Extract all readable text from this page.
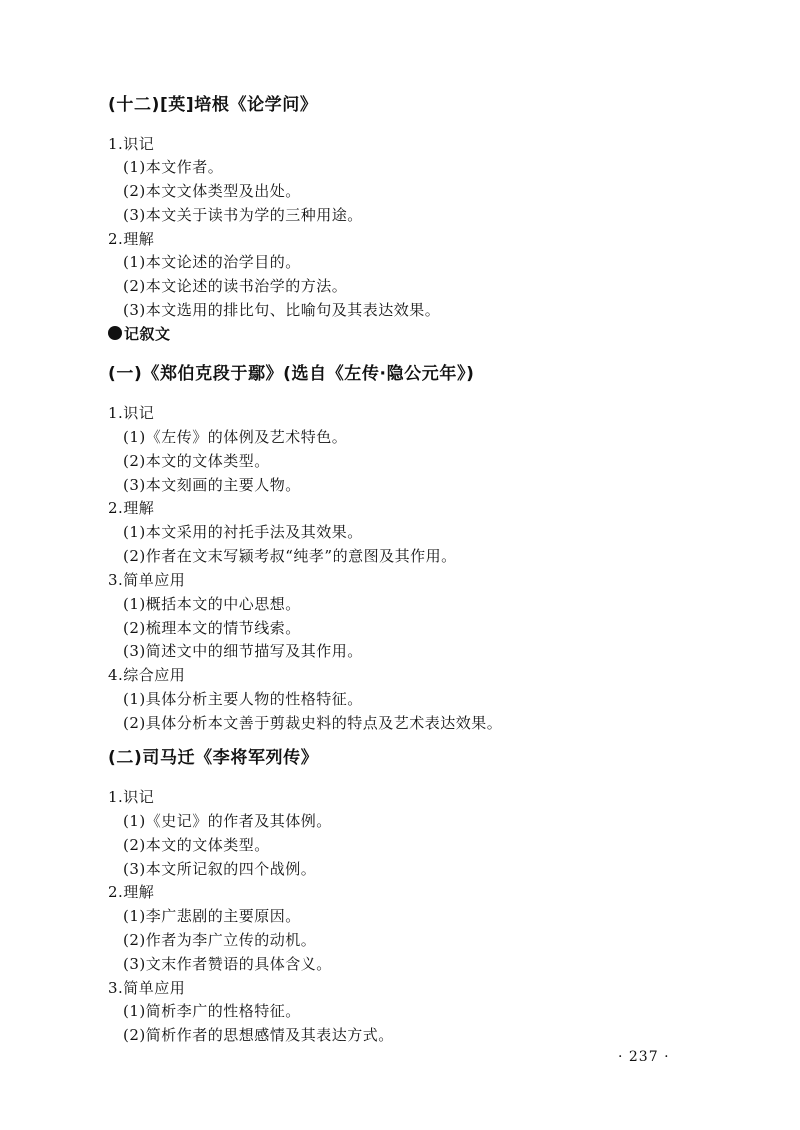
(十二)[英]培根《论学问》
1.识记
(1)本文作者。
(2)本文文体类型及出处。
(3)本文关于读书为学的三种用途。
2.理解
(1)本文论述的治学目的。
(2)本文论述的读书治学的方法。
(3)本文选用的排比句、比喻句及其表达效果。
记叙文
(一)《郑伯克段于鄢》(选自《左传·隐公元年》)
1.识记
(1)《左传》的体例及艺术特色。
(2)本文的文体类型。
(3)本文刻画的主要人物。
2.理解
(1)本文采用的衬托手法及其效果。
(2)作者在文末写颍考叔“纯孝”的意图及其作用。
3.简单应用
(1)概括本文的中心思想。
(2)梳理本文的情节线索。
(3)简述文中的细节描写及其作用。
4.综合应用
(1)具体分析主要人物的性格特征。
(2)具体分析本文善于剪裁史料的特点及艺术表达效果。
(二)司马迁《李将军列传》
1.识记
(1)《史记》的作者及其体例。
(2)本文的文体类型。
(3)本文所记叙的四个战例。
2.理解
(1)李广悲剧的主要原因。
(2)作者为李广立传的动机。
(3)文末作者赞语的具体含义。
3.简单应用
(1)简析李广的性格特征。
(2)简析作者的思想感情及其表达方式。
· 237 ·
